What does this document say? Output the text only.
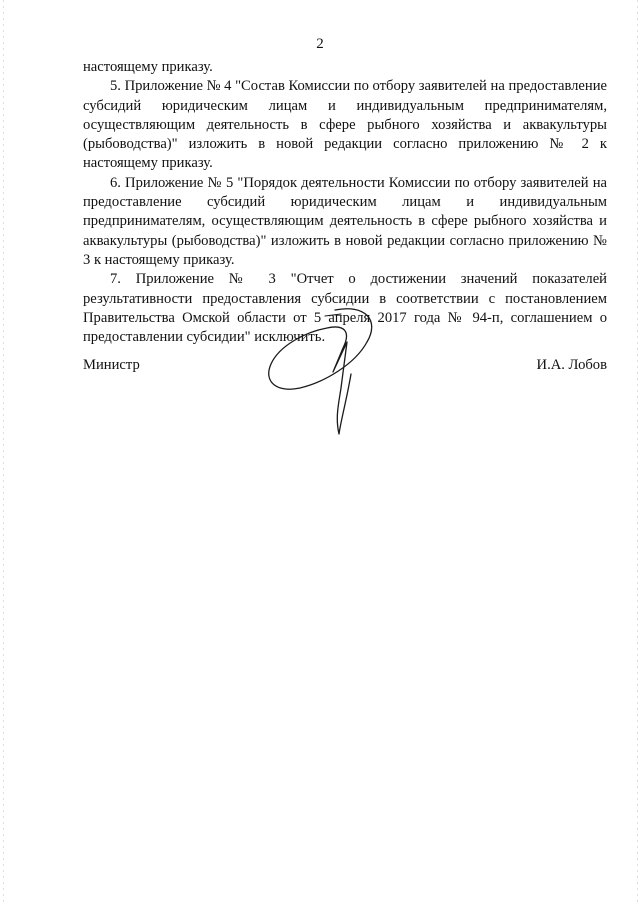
2

настоящему приказу.

5. Приложение № 4 "Состав Комиссии по отбору заявителей на предоставление субсидий юридическим лицам и индивидуальным предпринимателям, осуществляющим деятельность в сфере рыбного хозяйства и аквакультуры (рыбоводства)" изложить в новой редакции согласно приложению № 2 к настоящему приказу.

6. Приложение № 5 "Порядок деятельности Комиссии по отбору заявителей на предоставление субсидий юридическим лицам и индивидуальным предпринимателям, осуществляющим деятельность в сфере рыбного хозяйства и аквакультуры (рыбоводства)" изложить в новой редакции согласно приложению № 3 к настоящему приказу.

7. Приложение № 3 "Отчет о достижении значений показателей результативности предоставления субсидии в соответствии с постановлением Правительства Омской области от 5 апреля 2017 года № 94-п, соглашением о предоставлении субсидии" исключить.

Министр	И.А. Лобов
